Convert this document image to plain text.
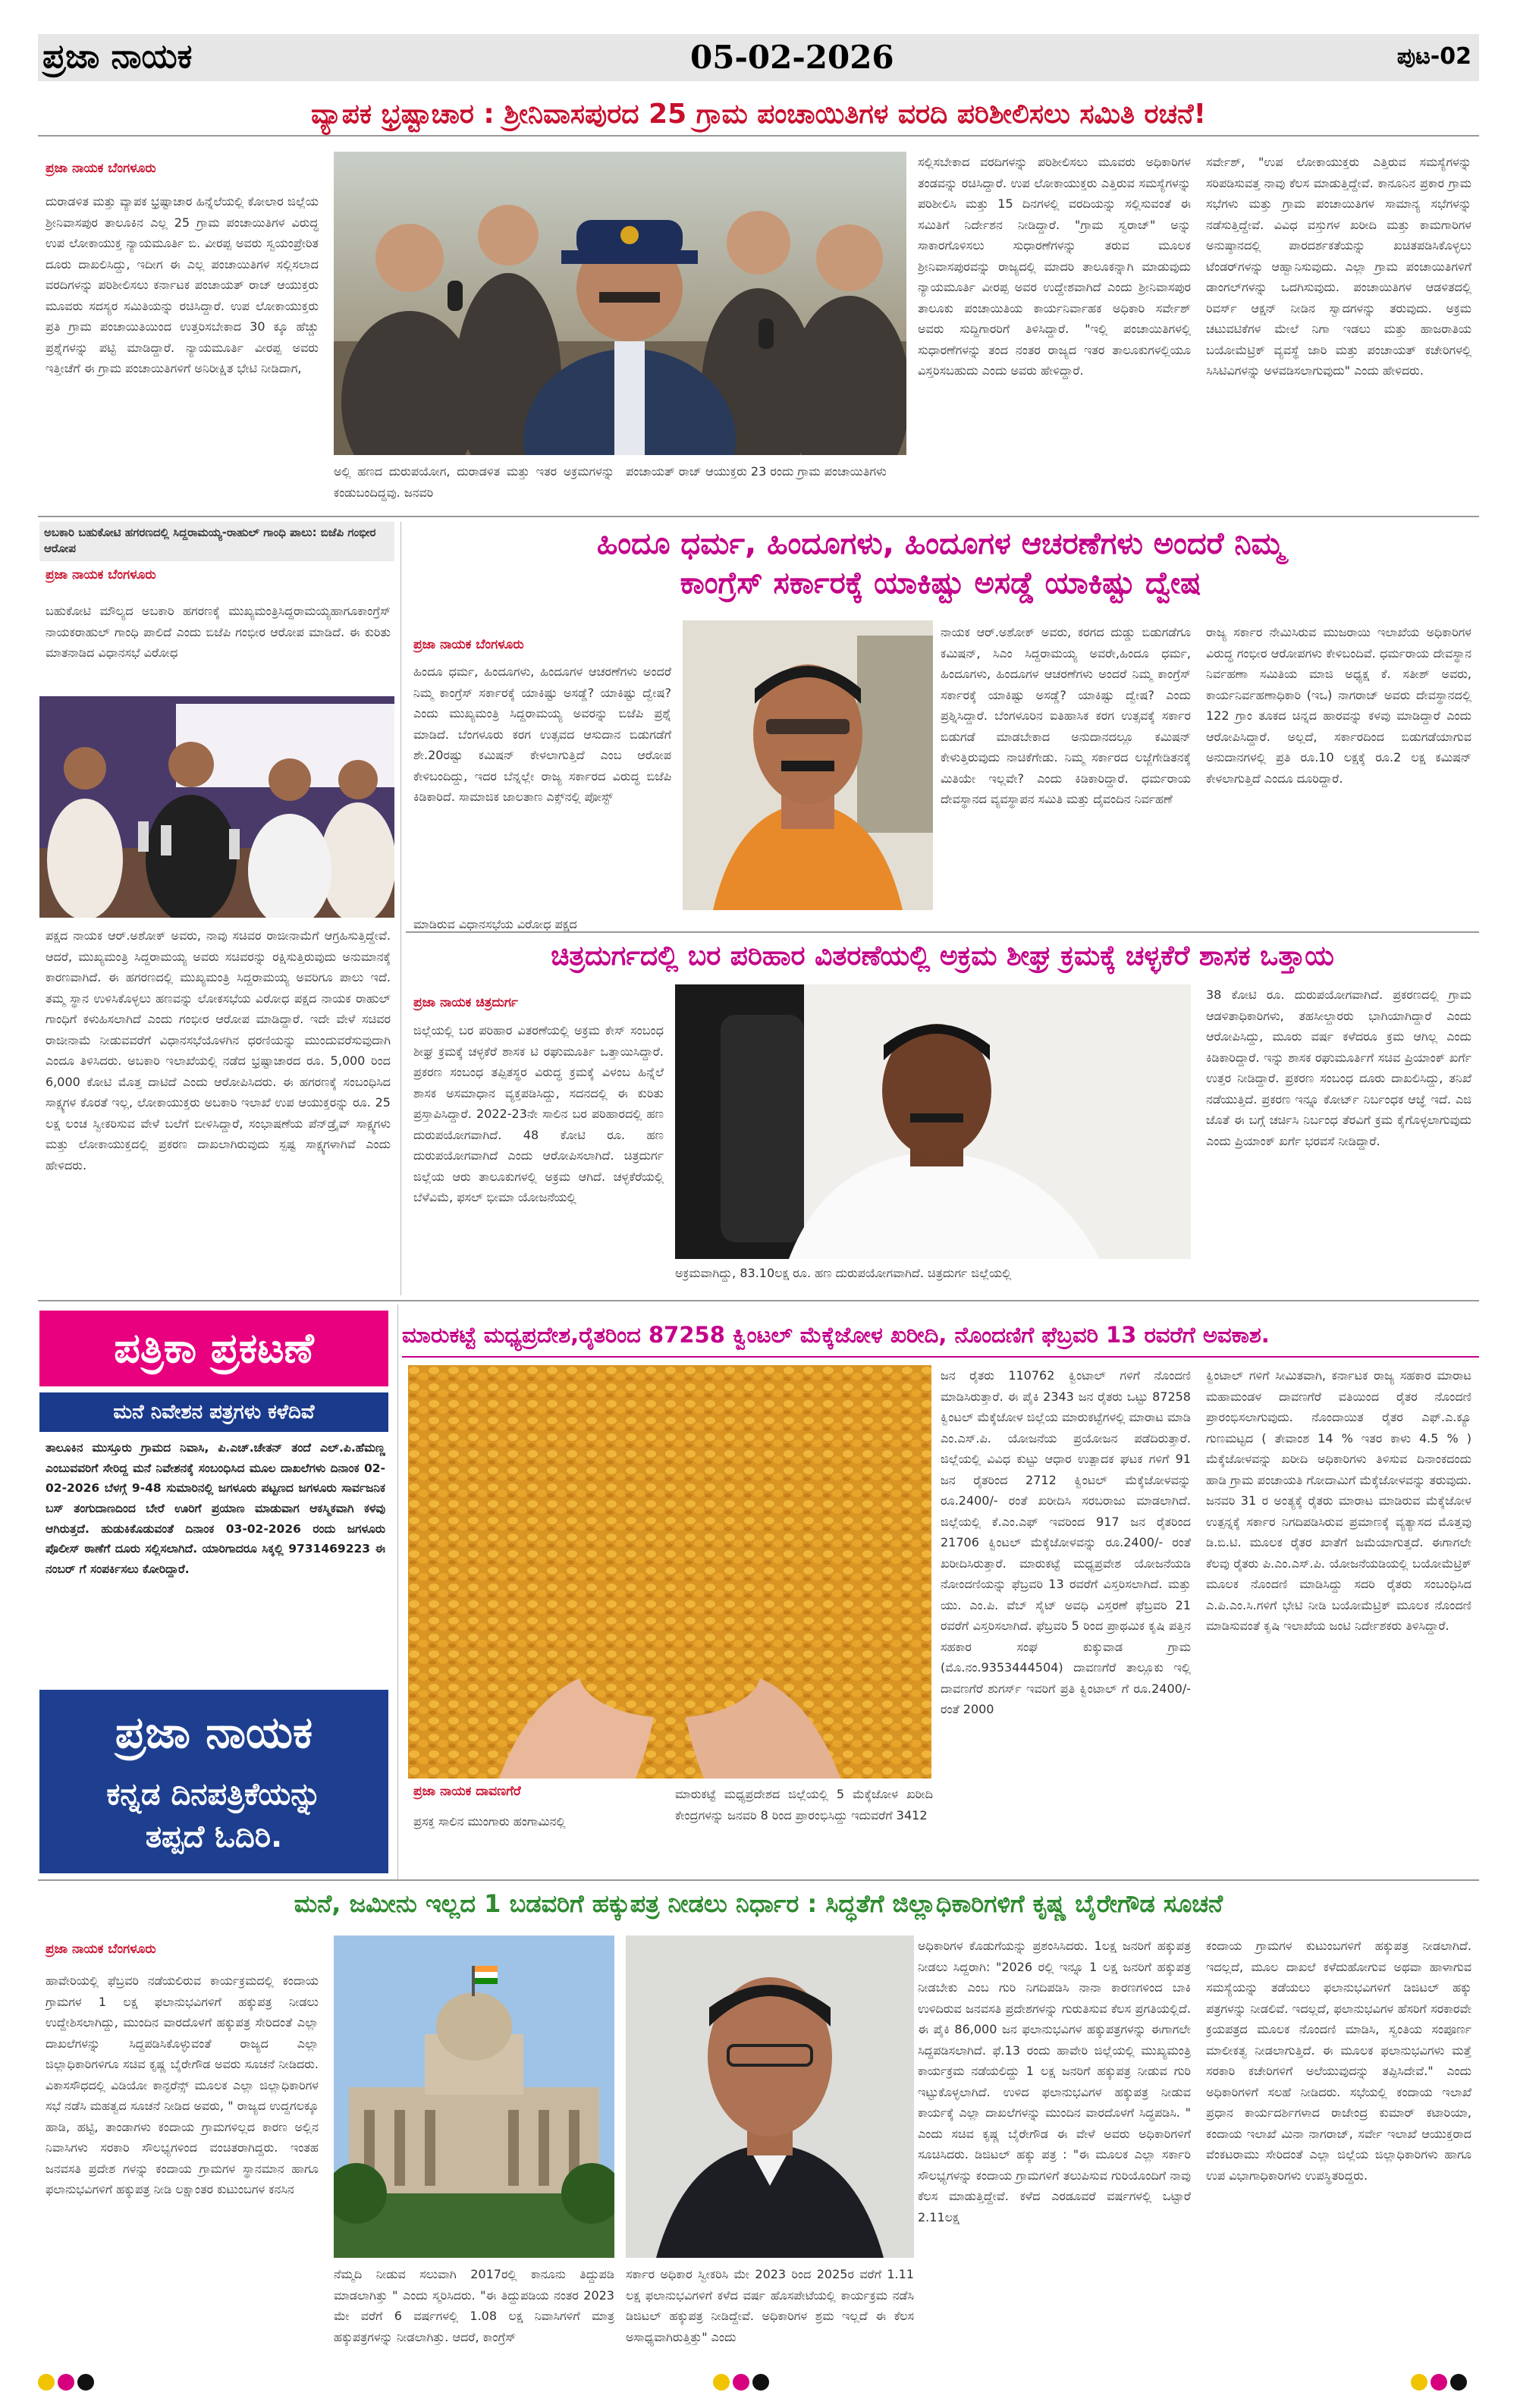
ಪ್ರಜಾ ನಾಯಕ	05-02-2026	ಪುಟ-02
ವ್ಯಾಪಕ ಭ್ರಷ್ಟಾಚಾರ : ಶ್ರೀನಿವಾಸಪುರದ 25 ಗ್ರಾಮ ಪಂಚಾಯಿತಿಗಳ ವರದಿ ಪರಿಶೀಲಿಸಲು ಸಮಿತಿ ರಚನೆ!
ಪ್ರಜಾ ನಾಯಕ ಬೆಂಗಳೂರು
ದುರಾಡಳಿತ ಮತ್ತು ವ್ಯಾಪಕ ಭ್ರಷ್ಟಾಚಾರ ಹಿನ್ನೆಲೆಯಲ್ಲಿ ಕೋಲಾರ ಜಿಲ್ಲೆಯ ಶ್ರೀನಿವಾಸಪುರ ತಾಲೂಕಿನ ಎಲ್ಲ 25 ಗ್ರಾಮ ಪಂಚಾಯಿತಿಗಳ ವಿರುದ್ಧ ಉಪ ಲೋಕಾಯುಕ್ತ ನ್ಯಾಯಮೂರ್ತಿ ಬಿ. ವೀರಪ್ಪ ಅವರು ಸ್ವಯಂಪ್ರೇರಿತ ದೂರು ದಾಖಲಿಸಿದ್ದು, ಇದೀಗ ಈ ಎಲ್ಲ ಪಂಚಾಯಿತಿಗಳ ಸಲ್ಲಿಸಲಾದ ವರದಿಗಳನ್ನು ಪರಿಶೀಲಿಸಲು ಕರ್ನಾಟಕ ಪಂಚಾಯತ್ ರಾಜ್ ಆಯುಕ್ತರು ಮೂವರು ಸದಸ್ಯರ ಸಮಿತಿಯನ್ನು ರಚಿಸಿದ್ದಾರೆ. ಉಪ ಲೋಕಾಯುಕ್ತರು ಪ್ರತಿ ಗ್ರಾಮ ಪಂಚಾಯಿತಿಯಿಂದ ಉತ್ತರಿಸಬೇಕಾದ 30 ಕ್ಕೂ ಹೆಚ್ಚು ಪ್ರಶ್ನೆಗಳನ್ನು ಪಟ್ಟಿ ಮಾಡಿದ್ದಾರೆ. ನ್ಯಾಯಮೂರ್ತಿ ವೀರಪ್ಪ ಅವರು ಇತ್ತೀಚೆಗೆ ಈ ಗ್ರಾಮ ಪಂಚಾಯಿತಿಗಳಿಗೆ ಅನಿರೀಕ್ಷಿತ ಭೇಟಿ ನೀಡಿದಾಗ,
ಅಲ್ಲಿ ಹಣದ ದುರುಪಯೋಗ, ದುರಾಡಳಿತ ಮತ್ತು ಇತರ ಅಕ್ರಮಗಳನ್ನು ಕಂಡುಬಂದಿದ್ದವು. ಜನವರಿ
ಪಂಚಾಯತ್ ರಾಜ್ ಆಯುಕ್ತರು 23 ರಂದು ಗ್ರಾಮ ಪಂಚಾಯಿತಿಗಳು
ಸಲ್ಲಿಸಬೇಕಾದ ವರದಿಗಳನ್ನು ಪರಿಶೀಲಿಸಲು ಮೂವರು ಅಧಿಕಾರಿಗಳ ತಂಡವನ್ನು ರಚಿಸಿದ್ದಾರೆ. ಉಪ ಲೋಕಾಯುಕ್ತರು ಎತ್ತಿರುವ ಸಮಸ್ಯೆಗಳನ್ನು ಪರಿಶೀಲಿಸಿ ಮತ್ತು 15 ದಿನಗಳಲ್ಲಿ ವರದಿಯನ್ನು ಸಲ್ಲಿಸುವಂತೆ ಈ ಸಮಿತಿಗೆ ನಿರ್ದೇಶನ ನೀಡಿದ್ದಾರೆ. "ಗ್ರಾಮ ಸ್ವರಾಜ್" ಅನ್ನು ಸಾಕಾರಗೊಳಿಸಲು ಸುಧಾರಣೆಗಳನ್ನು ತರುವ ಮೂಲಕ ಶ್ರೀನಿವಾಸಪುರವನ್ನು ರಾಜ್ಯದಲ್ಲಿ ಮಾದರಿ ತಾಲೂಕನ್ನಾಗಿ ಮಾಡುವುದು ನ್ಯಾಯಮೂರ್ತಿ ವೀರಪ್ಪ ಅವರ ಉದ್ದೇಶವಾಗಿದೆ ಎಂದು ಶ್ರೀನಿವಾಸಪುರ ತಾಲೂಕು ಪಂಚಾಯಿತಿಯ ಕಾರ್ಯನಿರ್ವಾಹಕ ಅಧಿಕಾರಿ ಸರ್ವೇಶ್ ಅವರು ಸುದ್ದಿಗಾರರಿಗೆ ತಿಳಿಸಿದ್ದಾರೆ. "ಇಲ್ಲಿ ಪಂಚಾಯಿತಿಗಳಲ್ಲಿ ಸುಧಾರಣೆಗಳನ್ನು ತಂದ ನಂತರ ರಾಜ್ಯದ ಇತರ ತಾಲೂಕುಗಳಲ್ಲಿಯೂ ವಿಸ್ತರಿಸಬಹುದು ಎಂದು ಅವರು ಹೇಳಿದ್ದಾರೆ.
ಸರ್ವೇಶ್, "ಉಪ ಲೋಕಾಯುಕ್ತರು ಎತ್ತಿರುವ ಸಮಸ್ಯೆಗಳನ್ನು ಸರಿಪಡಿಸುವತ್ತ ನಾವು ಕೆಲಸ ಮಾಡುತ್ತಿದ್ದೇವೆ. ಕಾನೂನಿನ ಪ್ರಕಾರ ಗ್ರಾಮ ಸಭೆಗಳು ಮತ್ತು ಗ್ರಾಮ ಪಂಚಾಯಿತಿಗಳ ಸಾಮಾನ್ಯ ಸಭೆಗಳನ್ನು ನಡೆಸುತ್ತಿದ್ದೇವೆ. ವಿವಿಧ ವಸ್ತುಗಳ ಖರೀದಿ ಮತ್ತು ಕಾಮಗಾರಿಗಳ ಅನುಷ್ಠಾನದಲ್ಲಿ ಪಾರದರ್ಶಕತೆಯನ್ನು ಖಚಿತಪಡಿಸಿಕೊಳ್ಳಲು ಟೆಂಡರ್‌ಗಳನ್ನು ಆಹ್ವಾನಿಸುವುದು. ಎಲ್ಲಾ ಗ್ರಾಮ ಪಂಚಾಯಿತಿಗಳಿಗೆ ಡಾಂಗಲ್‌ಗಳನ್ನು ಒದಗಿಸುವುದು. ಪಂಚಾಯಿತಿಗಳ ಆಡಳಿತದಲ್ಲಿ ರಿವರ್ಸ್ ಆಕ್ಷನ್ ನೀಡಿನ ಸ್ವಾದಗಳನ್ನು ತರುವುದು. ಅಕ್ರಮ ಚಟುವಟಿಕೆಗಳ ಮೇಲೆ ನಿಗಾ ಇಡಲು ಮತ್ತು ಹಾಜರಾತಿಯ ಬಯೋಮೆಟ್ರಿಕ್ ವ್ಯವಸ್ಥೆ ಜಾರಿ ಮತ್ತು ಪಂಚಾಯತ್ ಕಚೇರಿಗಳಲ್ಲಿ ಸಿಸಿಟಿವಿಗಳನ್ನು ಅಳವಡಿಸಲಾಗುವುದು" ಎಂದು ಹೇಳಿದರು.
ಅಬಕಾರಿ ಬಹುಕೋಟಿ ಹಗರಣದಲ್ಲಿ ಸಿದ್ದರಾಮಯ್ಯ-ರಾಹುಲ್ ಗಾಂಧಿ ಪಾಲು: ಬಿಜೆಪಿ ಗಂಭೀರ ಆರೋಪ
ಪ್ರಜಾ ನಾಯಕ ಬೆಂಗಳೂರು
ಬಹುಕೋಟಿ ಮೌಲ್ಯದ ಅಬಕಾರಿ ಹಗರಣಕ್ಕೆ ಮುಖ್ಯಮಂತ್ರಿಸಿದ್ದರಾಮಯ್ಯಹಾಗೂಕಾಂಗ್ರೆಸ್ ನಾಯಕರಾಹುಲ್ ಗಾಂಧಿ ಪಾಲಿದೆ ಎಂದು ಬಿಜೆಪಿ ಗಂಭೀರ ಆರೋಪ ಮಾಡಿದೆ. ಈ ಕುರಿತು ಮಾತನಾಡಿದ ವಿಧಾನಸಭೆ ವಿರೋಧ
ಪಕ್ಷದ ನಾಯಕ ಆರ್.ಅಶೋಕ್ ಅವರು, ನಾವು ಸಚಿವರ ರಾಜೀನಾಮೆಗೆ ಆಗ್ರಹಿಸುತ್ತಿದ್ದೇವೆ. ಆದರೆ, ಮುಖ್ಯಮಂತ್ರಿ ಸಿದ್ದರಾಮಯ್ಯ ಅವರು ಸಚಿವರನ್ನು ರಕ್ಷಿಸುತ್ತಿರುವುದು ಅನುಮಾನಕ್ಕೆ ಕಾರಣವಾಗಿದೆ. ಈ ಹಗರಣದಲ್ಲಿ ಮುಖ್ಯಮಂತ್ರಿ ಸಿದ್ದರಾಮಯ್ಯ ಅವರಿಗೂ ಪಾಲು ಇದೆ. ತಮ್ಮ ಸ್ಥಾನ ಉಳಿಸಿಕೊಳ್ಳಲು ಹಣವನ್ನು ಲೋಕಸಭೆಯ ವಿರೋಧ ಪಕ್ಷದ ನಾಯಕ ರಾಹುಲ್ ಗಾಂಧಿಗೆ ಕಳುಹಿಸಲಾಗಿದೆ ಎಂದು ಗಂಭೀರ ಆರೋಪ ಮಾಡಿದ್ದಾರೆ. ಇದೇ ವೇಳೆ ಸಚಿವರ ರಾಜೀನಾಮೆ ನೀಡುವವರೆಗೆ ವಿಧಾನಸಭೆಯೊಳಗಿನ ಧರಣಿಯನ್ನು ಮುಂದುವರೆಸುವುದಾಗಿ ಎಂದೂ ತಿಳಿಸಿದರು. ಅಬಕಾರಿ ಇಲಾಖೆಯಲ್ಲಿ ನಡೆದ ಭ್ರಷ್ಟಾಚಾರದ ರೂ. 5,000 ರಿಂದ 6,000 ಕೋಟಿ ಮೊತ್ತ ದಾಟಿದೆ ಎಂದು ಆರೋಪಿಸಿದರು. ಈ ಹಗರಣಕ್ಕೆ ಸಂಬಂಧಿಸಿದ ಸಾಕ್ಷ್ಯಗಳ ಕೊರತೆ ಇಲ್ಲ, ಲೋಕಾಯುಕ್ತರು ಅಬಕಾರಿ ಇಲಾಖೆ ಉಪ ಆಯುಕ್ತರನ್ನು ರೂ. 25 ಲಕ್ಷ ಲಂಚ ಸ್ವೀಕರಿಸುವ ವೇಳೆ ಬಲೆಗೆ ಬೀಳಿಸಿದ್ದಾರೆ, ಸಂಭಾಷಣೆಯ ಪೆನ್‌ಡ್ರೈವ್ ಸಾಕ್ಷ್ಯಗಳು ಮತ್ತು ಲೋಕಾಯುಕ್ತದಲ್ಲಿ ಪ್ರಕರಣ ದಾಖಲಾಗಿರುವುದು ಸ್ಪಷ್ಟ ಸಾಕ್ಷ್ಯಗಳಾಗಿವೆ ಎಂದು ಹೇಳಿದರು.
ಹಿಂದೂ ಧರ್ಮ, ಹಿಂದೂಗಳು, ಹಿಂದೂಗಳ ಆಚರಣೆಗಳು ಅಂದರೆ ನಿಮ್ಮ
ಕಾಂಗ್ರೆಸ್ ಸರ್ಕಾರಕ್ಕೆ ಯಾಕಿಷ್ಟು ಅಸಡ್ಡೆ ಯಾಕಿಷ್ಟು ದ್ವೇಷ
ಪ್ರಜಾ ನಾಯಕ ಬೆಂಗಳೂರು
ಹಿಂದೂ ಧರ್ಮ, ಹಿಂದೂಗಳು, ಹಿಂದೂಗಳ ಆಚರಣೆಗಳು ಅಂದರೆ ನಿಮ್ಮ ಕಾಂಗ್ರೆಸ್ ಸರ್ಕಾರಕ್ಕೆ ಯಾಕಿಷ್ಟು ಅಸಡ್ಡೆ? ಯಾಕಿಷ್ಟು ದ್ವೇಷ? ಎಂದು ಮುಖ್ಯಮಂತ್ರಿ ಸಿದ್ದರಾಮಯ್ಯ ಅವರನ್ನು ಬಿಜೆಪಿ ಪ್ರಶ್ನೆ ಮಾಡಿದೆ. ಬೆಂಗಳೂರು ಕರಗ ಉತ್ಸವದ ಆಸುದಾನ ಬಿಡುಗಡೆಗೆ ಶೇ.20ರಷ್ಟು ಕಮಿಷನ್ ಕೇಳಲಾಗುತ್ತಿದೆ ಎಂಬ ಆರೋಪ ಕೇಳಿಬಂದಿದ್ದು, ಇದರ ಬೆನ್ನಲ್ಲೇ ರಾಜ್ಯ ಸರ್ಕಾರದ ವಿರುದ್ಧ ಬಿಜೆಪಿ ಕಿಡಿಕಾರಿದೆ. ಸಾಮಾಜಿಕ ಜಾಲತಾಣ ಎಕ್ಸ್‌ನಲ್ಲಿ ಪೋಸ್ಟ್
ಮಾಡಿರುವ ವಿಧಾನಸಭೆಯ ವಿರೋಧ ಪಕ್ಷದ
ನಾಯಕ ಆರ್.ಅಶೋಕ್ ಅವರು, ಕರಗದ ದುಡ್ಡು ಬಿಡುಗಡೆಗೂ ಕಮಿಷನ್, ಸಿಎಂ ಸಿದ್ದರಾಮಯ್ಯ ಅವರೇ,ಹಿಂದೂ ಧರ್ಮ, ಹಿಂದೂಗಳು, ಹಿಂದೂಗಳ ಆಚರಣೆಗಳು ಅಂದರೆ ನಿಮ್ಮ ಕಾಂಗ್ರೆಸ್ ಸರ್ಕಾರಕ್ಕೆ ಯಾಕಿಷ್ಟು ಅಸಡ್ಡೆ? ಯಾಕಿಷ್ಟು ದ್ವೇಷ? ಎಂದು ಪ್ರಶ್ನಿಸಿದ್ದಾರೆ. ಬೆಂಗಳೂರಿನ ಐತಿಹಾಸಿಕ ಕರಗ ಉತ್ಸವಕ್ಕೆ ಸರ್ಕಾರ ಬಿಡುಗಡೆ ಮಾಡಬೇಕಾದ ಅನುದಾನದಲ್ಲೂ ಕಮಿಷನ್ ಕೇಳುತ್ತಿರುವುದು ನಾಚಿಕೆಗೇಡು. ನಿಮ್ಮ ಸರ್ಕಾರದ ಲಜ್ಜೆಗೇಡಿತನಕ್ಕೆ ಮಿತಿಯೇ ಇಲ್ಲವೇ? ಎಂದು ಕಿಡಿಕಾರಿದ್ದಾರೆ. ಧರ್ಮರಾಯ ದೇವಸ್ಥಾನದ ವ್ಯವಸ್ಥಾಪನ ಸಮಿತಿ ಮತ್ತು ದೈವಂದಿನ ನಿರ್ವಹಣೆ
ರಾಜ್ಯ ಸರ್ಕಾರ ನೇಮಿಸಿರುವ ಮುಜರಾಯಿ ಇಲಾಖೆಯ ಅಧಿಕಾರಿಗಳ ವಿರುದ್ಧ ಗಂಭೀರ ಆರೋಪಗಳು ಕೇಳಿಬಂದಿವೆ. ಧರ್ಮರಾಯ ದೇವಸ್ಥಾನ ನಿರ್ವಹಣಾ ಸಮಿತಿಯ ಮಾಜಿ ಅಧ್ಯಕ್ಷ ಕೆ. ಸತೀಶ್ ಅವರು, ಕಾರ್ಯನಿರ್ವಹಣಾಧಿಕಾರಿ (ಇಒ) ನಾಗರಾಜ್ ಅವರು ದೇವಸ್ಥಾನದಲ್ಲಿ 122 ಗ್ರಾಂ ತೂಕದ ಚಿನ್ನದ ಹಾರವನ್ನು ಕಳವು ಮಾಡಿದ್ದಾರೆ ಎಂದು ಆರೋಪಿಸಿದ್ದಾರೆ. ಅಲ್ಲದೆ, ಸರ್ಕಾರದಿಂದ ಬಿಡುಗಡೆಯಾಗುವ ಅನುದಾನಗಳಲ್ಲಿ ಪ್ರತಿ ರೂ.10 ಲಕ್ಷಕ್ಕೆ ರೂ.2 ಲಕ್ಷ ಕಮಿಷನ್ ಕೇಳಲಾಗುತ್ತಿದೆ ಎಂದೂ ದೂರಿದ್ದಾರೆ.
ಚಿತ್ರದುರ್ಗದಲ್ಲಿ ಬರ ಪರಿಹಾರ ವಿತರಣೆಯಲ್ಲಿ ಅಕ್ರಮ ಶೀಘ್ರ ಕ್ರಮಕ್ಕೆ ಚಳ್ಳಕೆರೆ ಶಾಸಕ ಒತ್ತಾಯ
ಪ್ರಜಾ ನಾಯಕ ಚಿತ್ರದುರ್ಗ
ಜಿಲ್ಲೆಯಲ್ಲಿ ಬರ ಪರಿಹಾರ ವಿತರಣೆಯಲ್ಲಿ ಅಕ್ರಮ ಕೇಸ್ ಸಂಬಂಧ ಶೀಘ್ರ ಕ್ರಮಕ್ಕೆ ಚಳ್ಳಕೆರೆ ಶಾಸಕ ಟಿ ರಘುಮೂರ್ತಿ ಒತ್ತಾಯಿಸಿದ್ದಾರೆ. ಪ್ರಕರಣ ಸಂಬಂಧ ತಪ್ಪಿತಸ್ಥರ ವಿರುದ್ಧ ಕ್ರಮಕ್ಕೆ ವಿಳಂಬ ಹಿನ್ನೆಲೆ ಶಾಸಕ ಅಸಮಾಧಾನ ವ್ಯಕ್ತಪಡಿಸಿದ್ದು, ಸದನದಲ್ಲಿ ಈ ಕುರಿತು ಪ್ರಸ್ತಾಪಿಸಿದ್ದಾರೆ. 2022-23ನೇ ಸಾಲಿನ ಬರ ಪರಿಹಾರದಲ್ಲಿ ಹಣ ದುರುಪಯೋಗವಾಗಿದೆ. 48 ಕೋಟಿ ರೂ. ಹಣ ದುರುಪಯೋಗವಾಗಿದೆ ಎಂದು ಆರೋಪಿಸಲಾಗಿದೆ. ಚಿತ್ರದುರ್ಗ ಜಿಲ್ಲೆಯ ಆರು ತಾಲೂಕುಗಳಲ್ಲಿ ಅಕ್ರಮ ಆಗಿದೆ. ಚಳ್ಳಕೆರೆಯಲ್ಲಿ ಬೆಳೆವಿಮೆ, ಫಸಲ್ ಭೀಮಾ ಯೋಜನೆಯಲ್ಲಿ
ಅಕ್ರಮವಾಗಿದ್ದು, 83.10ಲಕ್ಷ ರೂ. ಹಣ ದುರುಪಯೋಗವಾಗಿದೆ. ಚಿತ್ರದುರ್ಗ ಜಿಲ್ಲೆಯಲ್ಲಿ
38 ಕೋಟಿ ರೂ. ದುರುಪಯೋಗವಾಗಿದೆ. ಪ್ರಕರಣದಲ್ಲಿ ಗ್ರಾಮ ಆಡಳಿತಾಧಿಕಾರಿಗಳು, ತಹಸೀಲ್ದಾರರು ಭಾಗಿಯಾಗಿದ್ದಾರೆ ಎಂದು ಆರೋಪಿಸಿದ್ದು, ಮೂರು ವರ್ಷ ಕಳೆದರೂ ಕ್ರಮ ಆಗಿಲ್ಲ ಎಂದು ಕಿಡಿಕಾರಿದ್ದಾರೆ. ಇನ್ನು ಶಾಸಕ ರಘುಮೂರ್ತಿಗೆ ಸಚಿವ ಪ್ರಿಯಾಂಕ್ ಖರ್ಗೆ ಉತ್ತರ ನೀಡಿದ್ದಾರೆ. ಪ್ರಕರಣ ಸಂಬಂಧ ದೂರು ದಾಖಲಿಸಿದ್ದು, ತನಿಖೆ ನಡೆಯುತ್ತಿದೆ. ಪ್ರಕರಣ ಇನ್ನೂ ಕೋರ್ಟ್ ನಿರ್ಬಂಧಕ ಆಜ್ಞೆ ಇದೆ. ಎಜಿ ಜೊತೆ ಈ ಬಗ್ಗೆ ಚರ್ಚಿಸಿ ನಿರ್ಬಂಧ ತೆರವಿಗೆ ಕ್ರಮ ಕೈಗೊಳ್ಳಲಾಗುವುದು ಎಂದು ಪ್ರಿಯಾಂಕ್ ಖರ್ಗೆ ಭರವಸೆ ನೀಡಿದ್ದಾರೆ.
ಪತ್ರಿಕಾ ಪ್ರಕಟಣೆ
ಮನೆ ನಿವೇಶನ ಪತ್ರಗಳು ಕಳೆದಿವೆ
ತಾಲೂಕಿನ ಮುಸ್ತೂರು ಗ್ರಾಮದ ನಿವಾಸಿ, ಪಿ.ಎಚ್.ಚೇತನ್ ತಂದೆ ಎಲ್.ಪಿ.ಹೆಮಣ್ಣ ಎಂಬುವವರಿಗೆ ಸೇರಿದ್ದ ಮನೆ ನಿವೇಶನಕ್ಕೆ ಸಂಬಂಧಿಸಿದ ಮೂಲ ದಾಖಲೆಗಳು ದಿನಾಂಕ 02-02-2026 ಬೆಳಗ್ಗೆ 9-48 ಸುಮಾರಿನಲ್ಲಿ ಜಗಳೂರು ಪಟ್ಟಣದ ಜಗಳೂರು ಸಾರ್ವಜನಿಕ ಬಸ್ ತಂಗುದಾಣದಿಂದ ಬೇರೆ ಊರಿಗೆ ಪ್ರಯಾಣ ಮಾಡುವಾಗ ಆಕಸ್ಮಿಕವಾಗಿ ಕಳವು ಆಗಿರುತ್ತದೆ. ಹುಡುಕಿಕೊಡುವಂತೆ ದಿನಾಂಕ 03-02-2026 ರಂದು ಜಗಳೂರು ಪೊಲೀಸ್ ಠಾಣೆಗೆ ದೂರು ಸಲ್ಲಿಸಲಾಗಿದೆ. ಯಾರಿಗಾದರೂ ಸಿಕ್ಕಲ್ಲಿ 9731469223 ಈ ನಂಬರ್ ಗೆ ಸಂಪರ್ಕಿಸಲು ಕೋರಿದ್ದಾರೆ.
ಪ್ರಜಾ ನಾಯಕ
ಕನ್ನಡ ದಿನಪತ್ರಿಕೆಯನ್ನು
ತಪ್ಪದೆ ಓದಿರಿ.
ಮಾರುಕಟ್ಟೆ ಮಧ್ಯಪ್ರದೇಶ,ರೈತರಿಂದ 87258 ಕ್ವಿಂಟಲ್ ಮೆಕ್ಕೆಜೋಳ ಖರೀದಿ, ನೊಂದಣಿಗೆ ಫೆಬ್ರವರಿ 13 ರವರೆಗೆ ಅವಕಾಶ.
ಪ್ರಜಾ ನಾಯಕ ದಾವಣಗೆರೆ
ಪ್ರಸಕ್ತ ಸಾಲಿನ ಮುಂಗಾರು ಹಂಗಾಮಿನಲ್ಲಿ
ಮಾರುಕಟ್ಟೆ ಮಧ್ಯಪ್ರದೇಶದ ಜಿಲ್ಲೆಯಲ್ಲಿ 5 ಮೆಕ್ಕೆಜೋಳ ಖರೀದಿ ಕೇಂದ್ರಗಳನ್ನು ಜನವರಿ 8 ರಿಂದ ಪ್ರಾರಂಭಿಸಿದ್ದು ಇದುವರೆಗೆ 3412
ಜನ ರೈತರು 110762 ಕ್ವಿಂಟಾಲ್ ಗಳಿಗೆ ನೊಂದಣಿ ಮಾಡಿಸಿರುತ್ತಾರೆ. ಈ ಪೈಕಿ 2343 ಜನ ರೈತರು ಒಟ್ಟು 87258 ಕ್ವಿಂಟಲ್ ಮೆಕ್ಕೆಜೋಳ ಜಿಲ್ಲೆಯ ಮಾರುಕಟ್ಟೆಗಳಲ್ಲಿ ಮಾರಾಟ ಮಾಡಿ ಎಂ.ಎಸ್.ಪಿ. ಯೋಜನೆಯ ಪ್ರಯೋಜನ ಪಡೆದಿರುತ್ತಾರೆ. ಜಿಲ್ಲೆಯಲ್ಲಿ ವಿವಿಧ ಕುಟ್ಟು ಆಧಾರ ಉತ್ಪಾದಕ ಘಟಕ ಗಳಿಗೆ 91 ಜನ ರೈತರಿಂದ 2712 ಕ್ವಿಂಟಲ್ ಮೆಕ್ಕೆಜೋಳವನ್ನು ರೂ.2400/- ರಂತೆ ಖರೀದಿಸಿ ಸರಬರಾಜು ಮಾಡಲಾಗಿದೆ. ಜಿಲ್ಲೆಯಲ್ಲಿ ಕೆ.ಎಂ.ಎಫ್ ಇವರಿಂದ 917 ಜನ ರೈತರಿಂದ 21706 ಕ್ವಿಂಟಲ್ ಮೆಕ್ಕೆಜೋಳವನ್ನು ರೂ.2400/- ರಂತೆ ಖರೀದಿಸಿರುತ್ತಾರೆ. ಮಾರುಕಟ್ಟೆ ಮಧ್ಯಪ್ರವೇಶ ಯೋಜನೆಯಡಿ ನೋಂದಣಿಯನ್ನು ಫೆಬ್ರವರಿ 13 ರವರೆಗೆ ವಿಸ್ತರಿಸಲಾಗಿದೆ. ಮತ್ತು ಯು. ಎಂ.ಪಿ. ವೆಬ್ ಸೈಟ್ ಅವಧಿ ವಿಸ್ತರಣೆ ಫೆಬ್ರವರಿ 21 ರವರೆಗೆ ವಿಸ್ತರಿಸಲಾಗಿದೆ. ಫೆಬ್ರವರಿ 5 ರಿಂದ ಪ್ರಾಥಮಿಕ ಕೃಷಿ ಪತ್ತಿನ ಸಹಕಾರ ಸಂಘ ಕುಕ್ಕುವಾಡ ಗ್ರಾಮ (ಮೊ.ನಂ.9353444504) ದಾವಣಗೆರೆ ತಾಲ್ಲೂಕು ಇಲ್ಲಿ ದಾವಣಗೆರೆ ಶುಗರ್ಸ್ ಇವರಿಗೆ ಪ್ರತಿ ಕ್ವಿಂಟಾಲ್ ಗೆ ರೂ.2400/- ರಂತೆ 2000
ಕ್ವಿಂಟಾಲ್ ಗಳಿಗೆ ಸೀಮಿತವಾಗಿ, ಕರ್ನಾಟಕ ರಾಜ್ಯ ಸಹಕಾರ ಮಾರಾಟ ಮಹಾಮಂಡಳ ದಾವಣಗೆರೆ ವತಿಯಿಂದ ರೈತರ ನೊಂದಣಿ ಪ್ರಾರಂಭಿಸಲಾಗುವುದು. ನೊಂದಾಯಿತ ರೈತರ ಎಫ್.ಎ.ಕ್ಯೂ ಗುಣಮಟ್ಟದ ( ತೇವಾಂಶ 14 % ಇತರ ಕಾಳು 4.5 % ) ಮೆಕ್ಕೆಜೋಳವನ್ನು ಖರೀದಿ ಅಧಿಕಾರಿಗಳು ತಿಳಿಸುವ ದಿನಾಂಕದಂದು ಹಾಡಿ ಗ್ರಾಮ ಪಂಚಾಯತಿ ಗೋದಾಮಿಗೆ ಮೆಕ್ಕೆಜೋಳವನ್ನು ತರುವುದು. ಜನವರಿ 31 ರ ಅಂತ್ಯಕ್ಕೆ ರೈತರು ಮಾರಾಟ ಮಾಡಿರುವ ಮೆಕ್ಕೆಜೋಳ ಉತ್ಪನ್ನಕ್ಕೆ ಸರ್ಕಾರ ನಿಗದಿಪಡಿಸಿರುವ ಪ್ರಮಾಣಕ್ಕೆ ವ್ಯತ್ಯಾಸದ ಮೊತ್ತವು ಡಿ.ಬಿ.ಟಿ. ಮೂಲಕ ರೈತರ ಖಾತೆಗೆ ಜಮೆಯಾಗುತ್ತದೆ. ಈಗಾಗಲೇ ಕೆಲವು ರೈತರು ಪಿ.ಎಂ.ಎಸ್.ಪಿ. ಯೋಜನೆಯಡಿಯಲ್ಲಿ ಬಯೋಮೆಟ್ರಿಕ್ ಮೂಲಕ ನೊಂದಣಿ ಮಾಡಿಸಿದ್ದು ಸದರಿ ರೈತರು ಸಂಬಂಧಿಸಿದ ಎ.ಪಿ.ಎಂ.ಸಿ.ಗಳಿಗೆ ಭೇಟಿ ನೀಡಿ ಬಯೋಮೆಟ್ರಿಕ್ ಮೂಲಕ ನೊಂದಣಿ ಮಾಡಿಸುವಂತೆ ಕೃಷಿ ಇಲಾಖೆಯ ಜಂಟಿ ನಿರ್ದೇಶಕರು ತಿಳಿಸಿದ್ದಾರೆ.
ಮನೆ, ಜಮೀನು ಇಲ್ಲದ 1 ಬಡವರಿಗೆ ಹಕ್ಕುಪತ್ರ ನೀಡಲು ನಿರ್ಧಾರ : ಸಿದ್ಧತೆಗೆ ಜಿಲ್ಲಾಧಿಕಾರಿಗಳಿಗೆ ಕೃಷ್ಣ ಬೈರೇಗೌಡ ಸೂಚನೆ
ಪ್ರಜಾ ನಾಯಕ ಬೆಂಗಳೂರು
ಹಾವೇರಿಯಲ್ಲಿ ಫೆಬ್ರವರಿ ನಡೆಯಲಿರುವ ಕಾರ್ಯಕ್ರಮದಲ್ಲಿ ಕಂದಾಯ ಗ್ರಾಮಗಳ 1 ಲಕ್ಷ ಫಲಾನುಭವಿಗಳಿಗೆ ಹಕ್ಕುಪತ್ರ ನೀಡಲು ಉದ್ದೇಶಿಸಲಾಗಿದ್ದು, ಮುಂದಿನ ವಾರದೊಳಗೆ ಹಕ್ಕುಪತ್ರ ಸೇರಿದಂತೆ ಎಲ್ಲಾ ದಾಖಲೆಗಳನ್ನು ಸಿದ್ದಪಡಿಸಿಕೊಳ್ಳುವಂತೆ ರಾಜ್ಯದ ಎಲ್ಲಾ ಜಿಲ್ಲಾಧಿಕಾರಿಗಳಿಗೂ ಸಚಿವ ಕೃಷ್ಣ ಬೈರೇಗೌಡ ಅವರು ಸೂಚನೆ ನೀಡಿದರು. ವಿಕಾಸಸೌಧದಲ್ಲಿ ವಿಡಿಯೋ ಕಾನ್ಫರೆನ್ಸ್ ಮೂಲಕ ಎಲ್ಲಾ ಜಿಲ್ಲಾಧಿಕಾರಿಗಳ ಸಭೆ ನಡೆಸಿ ಮಹತ್ವದ ಸೂಚನೆ ನೀಡಿದ ಅವರು, " ರಾಜ್ಯದ ಉದ್ದಗಲಕ್ಕೂ ಹಾಡಿ, ಹಟ್ಟಿ, ತಾಂಡಾಗಳು ಕಂದಾಯ ಗ್ರಾಮಗಳಿಲ್ಲದ ಕಾರಣ ಅಲ್ಲಿನ ನಿವಾಸಿಗಳು ಸರಕಾರಿ ಸೌಲಭ್ಯಗಳಿಂದ ವಂಚಿತರಾಗಿದ್ದರು. ಇಂತಹ ಜನವಸತಿ ಪ್ರದೇಶ ಗಳನ್ನು ಕಂದಾಯ ಗ್ರಾಮಗಳ ಸ್ಥಾನಮಾನ ಹಾಗೂ ಫಲಾನುಭವಿಗಳಿಗೆ ಹಕ್ಕುಪತ್ರ ನೀಡಿ ಲಕ್ಷಾಂತರ ಕುಟುಂಬಗಳ ಕನಸಿನ
ನೆಮ್ಮದಿ ನೀಡುವ ಸಲುವಾಗಿ 2017ರಲ್ಲಿ ಕಾನೂನು ತಿದ್ದುಪಡಿ ಮಾಡಲಾಗಿತ್ತು " ಎಂದು ಸ್ಮರಿಸಿದರು. "ಈ ತಿದ್ದುಪಡಿಯ ನಂತರ 2023 ಮೇ ವರೆಗೆ 6 ವರ್ಷಗಳಲ್ಲಿ 1.08 ಲಕ್ಷ ನಿವಾಸಿಗಳಿಗೆ ಮಾತ್ರ ಹಕ್ಕುಪತ್ರಗಳನ್ನು ನೀಡಲಾಗಿತ್ತು. ಆದರೆ, ಕಾಂಗ್ರೆಸ್
ಸರ್ಕಾರ ಅಧಿಕಾರ ಸ್ವೀಕರಿಸಿ ಮೇ 2023 ರಿಂದ 2025ರ ವರೆಗೆ 1.11 ಲಕ್ಷ ಫಲಾನುಭವಿಗಳಿಗೆ ಕಳೆದ ವರ್ಷ ಹೊಸಪೇಟೆಯಲ್ಲಿ ಕಾರ್ಯಕ್ರಮ ನಡೆಸಿ ಡಿಜಿಟಲ್ ಹಕ್ಕುಪತ್ರ ನೀಡಿದ್ದೇವೆ. ಅಧಿಕಾರಿಗಳ ಶ್ರಮ ಇಲ್ಲದೆ ಈ ಕೆಲಸ ಅಸಾಧ್ಯವಾಗಿರುತ್ತಿತ್ತು" ಎಂದು
ಅಧಿಕಾರಿಗಳ ಕೊಡುಗೆಯನ್ನು ಪ್ರಶಂಸಿಸಿದರು. 1ಲಕ್ಷ ಜನರಿಗೆ ಹಕ್ಕುಪತ್ರ ನೀಡಲು ಸಿದ್ದರಾಗಿ: "2026 ರಲ್ಲಿ ಇನ್ನೂ 1 ಲಕ್ಷ ಜನರಿಗೆ ಹಕ್ಕುಪತ್ರ ನೀಡಬೇಕು ಎಂಬ ಗುರಿ ನಿಗದಿಪಡಿಸಿ ನಾನಾ ಕಾರಣಗಳಿಂದ ಬಾಕಿ ಉಳಿದಿರುವ ಜನವಸತಿ ಪ್ರದೇಶಗಳನ್ನು ಗುರುತಿಸುವ ಕೆಲಸ ಪ್ರಗತಿಯಲ್ಲಿದೆ. ಈ ಪೈಕಿ 86,000 ಜನ ಫಲಾನುಭವಿಗಳ ಹಕ್ಕುಪತ್ರಗಳನ್ನು ಈಗಾಗಲೇ ಸಿದ್ದಪಡಿಸಲಾಗಿದೆ. ಫೆ.13 ರಂದು ಹಾವೇರಿ ಜಿಲ್ಲೆಯಲ್ಲಿ ಮುಖ್ಯಮಂತ್ರಿ ಕಾರ್ಯಕ್ರಮ ನಡೆಯಲಿದ್ದು 1 ಲಕ್ಷ ಜನರಿಗೆ ಹಕ್ಕುಪತ್ರ ನೀಡುವ ಗುರಿ ಇಟ್ಟುಕೊಳ್ಳಲಾಗಿದೆ. ಉಳಿದ ಫಲಾನುಭವಿಗಳ ಹಕ್ಕುಪತ್ರ ನೀಡುವ ಕಾರ್ಯಕ್ಕೆ ಎಲ್ಲಾ ದಾಖಲೆಗಳನ್ನು ಮುಂದಿನ ವಾರದೊಳಗೆ ಸಿದ್ಧಪಡಿಸಿ. " ಎಂದು ಸಚಿವ ಕೃಷ್ಣ ಬೈರೇಗೌಡ ಈ ವೇಳೆ ಅವರು ಅಧಿಕಾರಿಗಳಿಗೆ ಸೂಚಿಸಿದರು. ಡಿಜಿಟಲ್ ಹಕ್ಕು ಪತ್ರ : "ಈ ಮೂಲಕ ಎಲ್ಲಾ ಸರ್ಕಾರಿ ಸೌಲಭ್ಯಗಳನ್ನು ಕಂದಾಯ ಗ್ರಾಮಗಳಿಗೆ ತಲುಪಿಸುವ ಗುರಿಯೊಂದಿಗೆ ನಾವು ಕೆಲಸ ಮಾಡುತ್ತಿದ್ದೇವೆ. ಕಳೆದ ಎರಡೂವರೆ ವರ್ಷಗಳಲ್ಲಿ ಒಟ್ಟಾರೆ 2.11ಲಕ್ಷ
ಕಂದಾಯ ಗ್ರಾಮಗಳ ಕುಟುಂಬಗಳಿಗೆ ಹಕ್ಕುಪತ್ರ ನೀಡಲಾಗಿದೆ. ಇದಲ್ಲದೆ, ಮೂಲ ದಾಖಲೆ ಕಳೆದುಹೋಗುವ ಅಥವಾ ಹಾಳಾಗುವ ಸಮಸ್ಯೆಯನ್ನು ತಡೆಯಲು ಫಲಾನುಭವಿಗಳಿಗೆ ಡಿಜಿಟಲ್ ಹಕ್ಕು ಪತ್ರಗಳನ್ನು ನೀಡಲಿವೆ. ಇದಲ್ಲದೆ, ಫಲಾನುಭವಿಗಳ ಹೆಸರಿಗೆ ಸರಕಾರವೇ ಕ್ರಯಪತ್ರದ ಮೂಲಕ ನೊಂದಣಿ ಮಾಡಿಸಿ, ಸ್ವಂತಿಯ ಸಂಪೂರ್ಣ ಮಾಲೀಕತ್ವ ನೀಡಲಾಗುತ್ತಿದೆ. ಈ ಮೂಲಕ ಫಲಾನುಭವಿಗಳು ಮತ್ತೆ ಸರಕಾರಿ ಕಚೇರಿಗಳಿಗೆ ಅಲೆಯುವುದನ್ನು ತಪ್ಪಿಸಿದೇವೆ." ಎಂದು ಅಧಿಕಾರಿಗಳಿಗೆ ಸಲಹೆ ನೀಡಿದರು. ಸಭೆಯಲ್ಲಿ ಕಂದಾಯ ಇಲಾಖೆ ಪ್ರಧಾನ ಕಾರ್ಯದರ್ಶಿಗಳಾದ ರಾಜೇಂದ್ರ ಕುಮಾರ್ ಕಟಾರಿಯಾ, ಕಂದಾಯ ಇಲಾಖೆ ಮಿನಾ ನಾಗರಾಜ್, ಸರ್ವೇ ಇಲಾಖೆ ಆಯುಕ್ತರಾದ ವೆಂಕಟರಾಮು ಸೇರಿದಂತೆ ಎಲ್ಲಾ ಜಿಲ್ಲೆಯ ಜಿಲ್ಲಾಧಿಕಾರಿಗಳು ಹಾಗೂ ಉಪ ವಿಭಾಗಾಧಿಕಾರಿಗಳು ಉಪಸ್ಥಿತರಿದ್ದರು.
